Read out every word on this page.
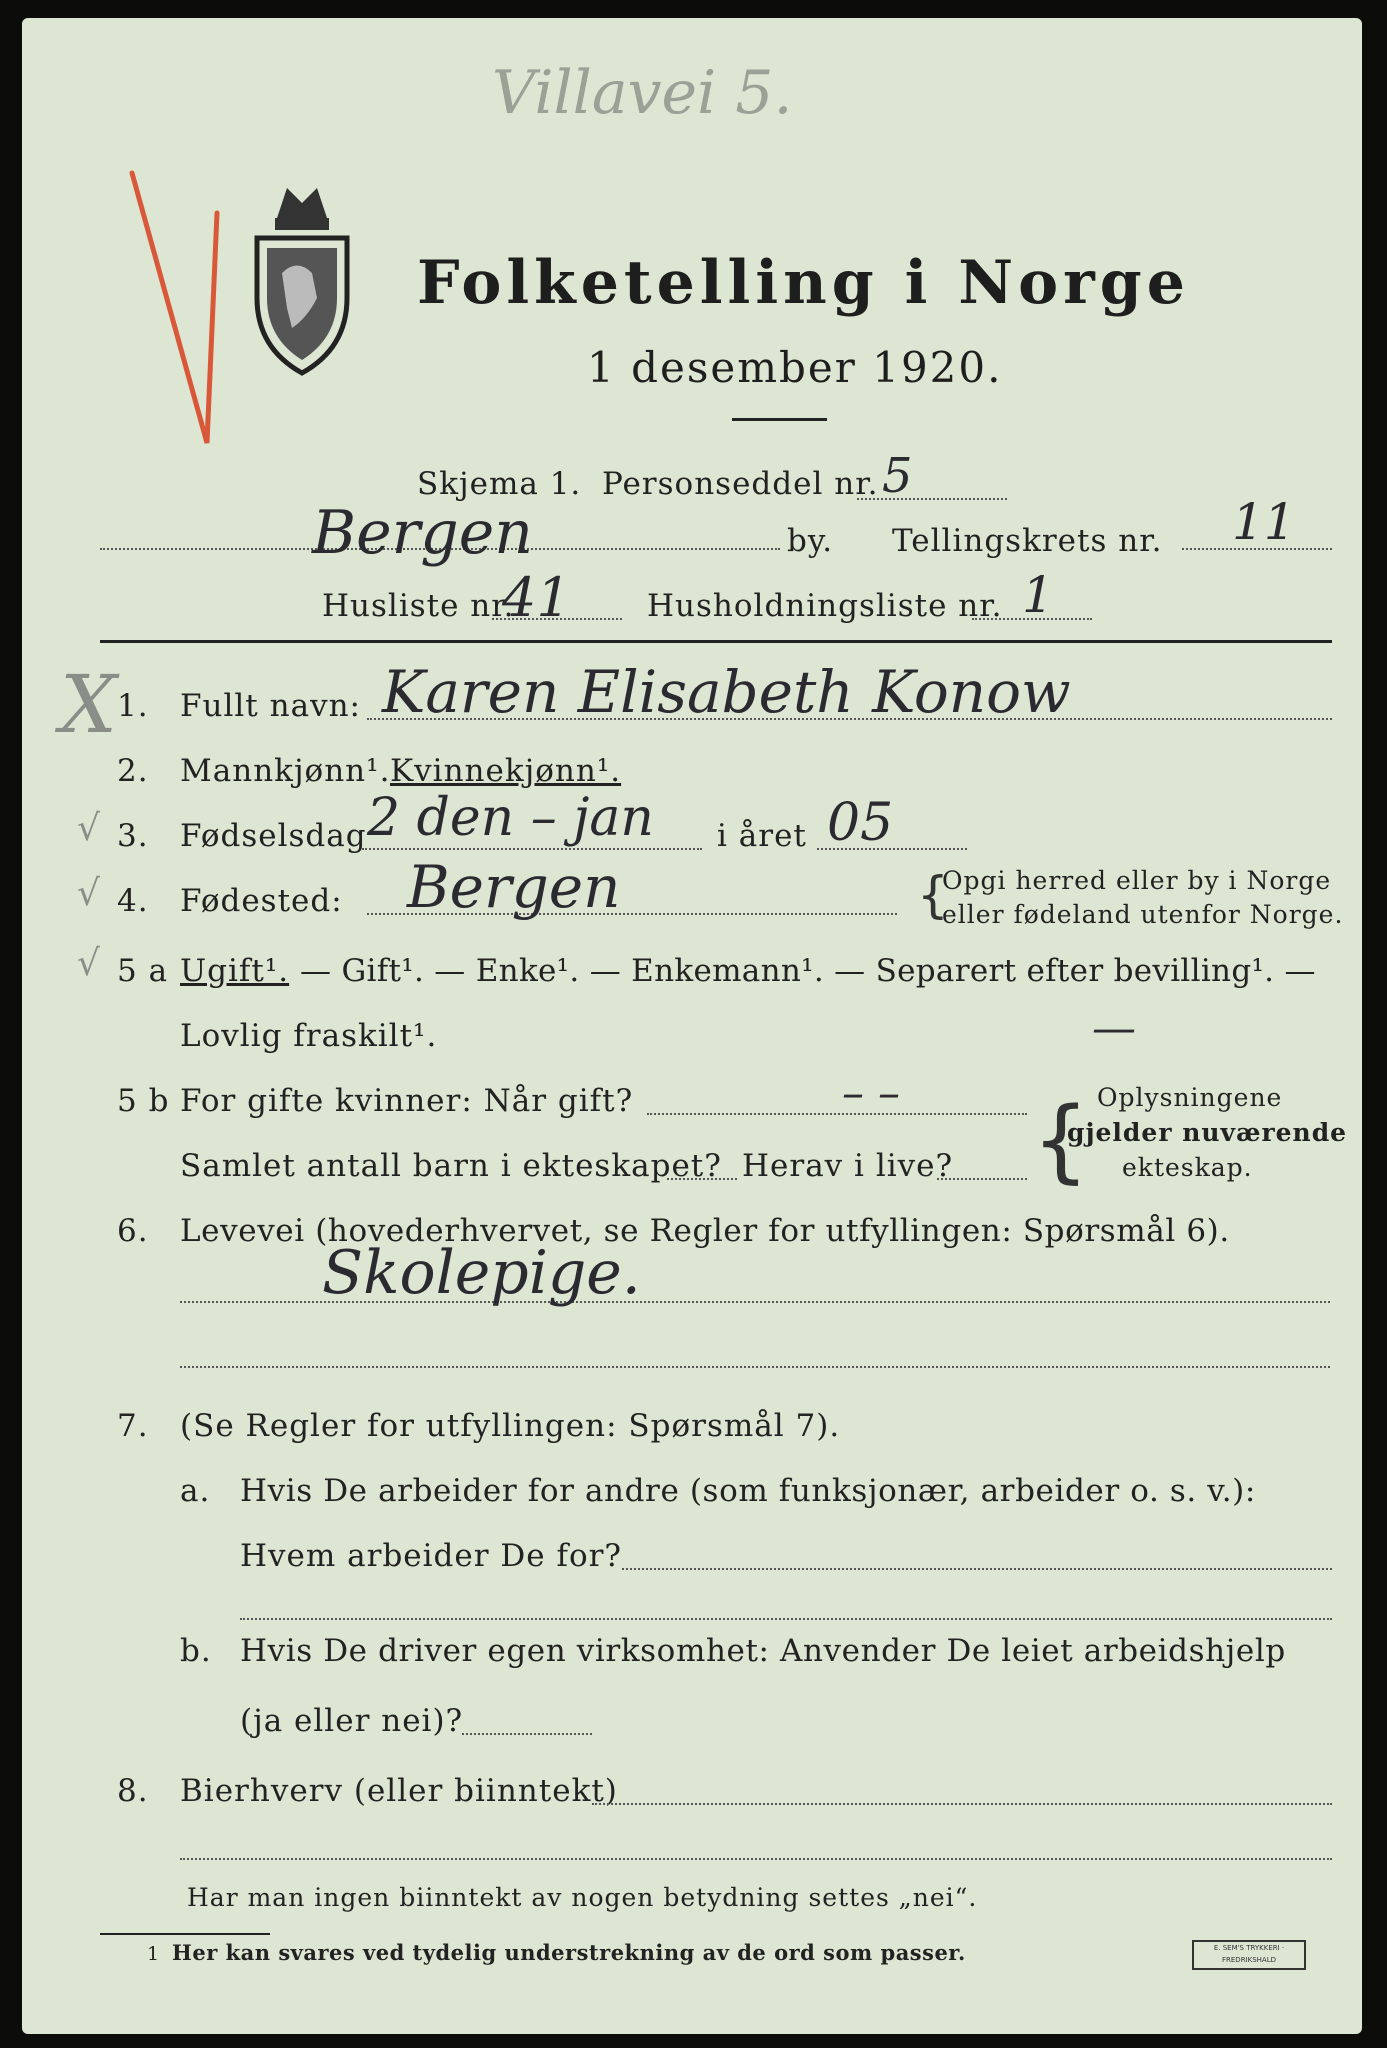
Villavei 5.
Folketelling i Norge
1 desember 1920.
Skjema 1. Personseddel nr. 5
Bergen	by. Tellingskrets nr. 11
Husliste nr.
41 Husholdningsliste nr. 1
X 1. Fullt navn: Karen Elisabeth Konow
2. Mannkjønn¹. Kvinnekjønn¹.
√ 3. Fødselsdag 2 den – jan i året 05
√ 4. Fødested: Bergen	{
Opgi herred eller by i Norge
eller fødeland utenfor Norge.
√ 5 a Ugift¹. — Gift¹. — Enke¹. — Enkemann¹. — Separert efter bevilling¹. —
Lovlig fraskilt¹.	—
5 b For gifte kvinner: Når gift?	– –
Samlet antall barn i ekteskapet? Herav i live? { Oplysningene
gjelder nuværende
ekteskap.
6. Levevei (hovederhvervet, se Regler for utfyllingen: Spørsmål 6).
Skolepige.
7. (Se Regler for utfyllingen: Spørsmål 7).
a. Hvis De arbeider for andre (som funksjonær, arbeider o. s. v.):
Hvem arbeider De for?
b. Hvis De driver egen virksomhet: Anvender De leiet arbeidshjelp
(ja eller nei)?
8. Bierhverv (eller biinntekt)
Har man ingen biinntekt av nogen betydning settes „nei“.
1 Her kan svares ved tydelig understrekning av de ord som passer.	E. SEM'S TRYKKERI · FREDRIKSHALD
